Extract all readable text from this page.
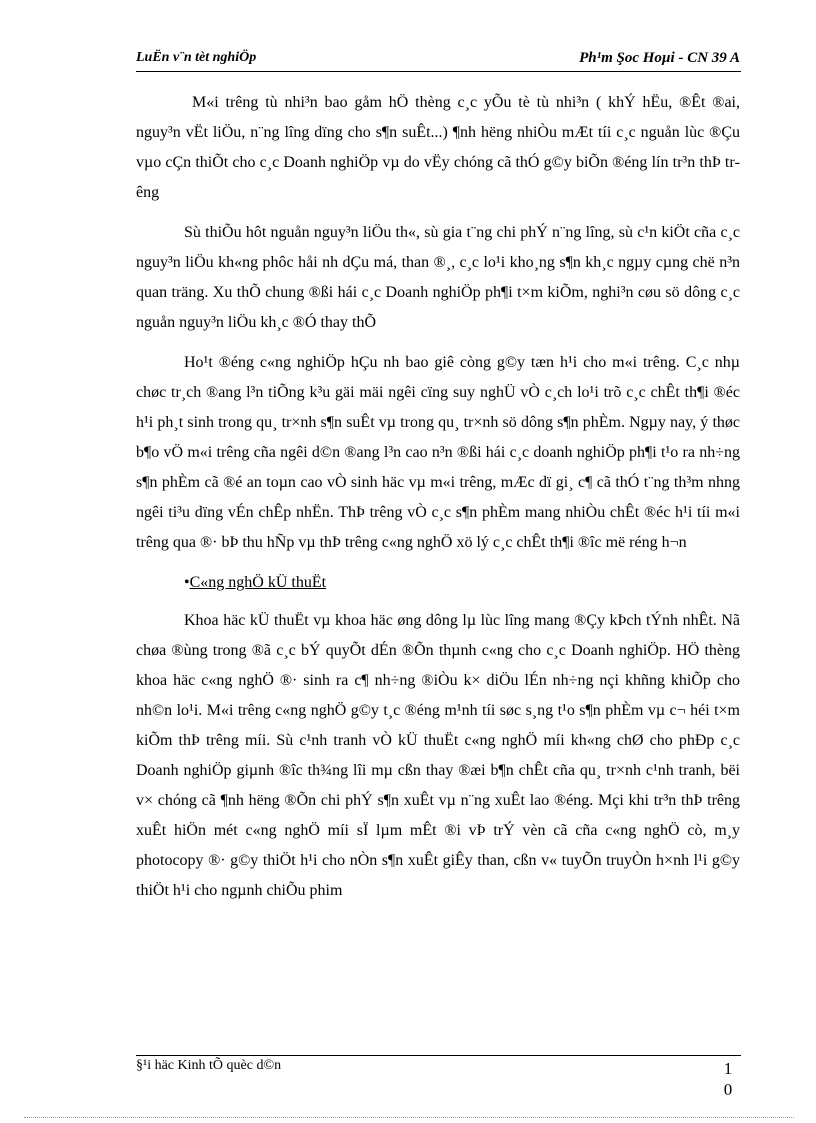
LuËn v¨n tèt nghiÖp	Ph¹m Şoc Hoµi - CN 39 A

M«i trêng tù nhi³n bao gåm hÖ thèng c¸c yÕu tè tù nhi³n ( khÝ hËu, ®Êt ®ai, nguy³n vËt liÖu, n¨ng lîng dïng cho s¶n suÊt...) ¶nh hëng nhiÒu mÆt tíi c¸c nguån lùc ®Çu vµo cÇn thiÕt cho c¸c Doanh nghiÖp vµ do vËy chóng cã thÓ g©y biÕn ®éng lín tr³n thÞ trêng

Sù thiÕu hôt nguån nguy³n liÖu th«, sù gia t¨ng chi phÝ n¨ng lîng, sù c¹n kiÖt cña c¸c nguy³n liÖu kh«ng phôc håi nh dÇu má, than ®¸, c¸c lo¹i kho¸ng s¶n kh¸c ngµy cµng chë n³n quan träng. Xu thÕ chung ®ßi hái c¸c Doanh nghiÖp ph¶i t×m kiÕm, nghi³n cøu sö dông c¸c nguån nguy³n liÖu kh¸c ®Ó thay thÕ

Ho¹t ®éng c«ng nghiÖp hÇu nh bao giê còng g©y tæn h¹i cho m«i trêng. C¸c nhµ chøc tr¸ch ®ang l³n tiÕng k³u gäi mäi ngêi cïng suy nghÜ vÒ c¸ch lo¹i trõ c¸c chÊt th¶i ®éc h¹i ph¸t sinh trong qu¸ tr×nh s¶n suÊt vµ trong qu¸ tr×nh sö dông s¶n phÈm. Ngµy nay, ý thøc b¶o vÖ m«i trêng cña ngêi d©n ®ang l³n cao n³n ®ßi hái c¸c doanh nghiÖp ph¶i t¹o ra nh÷ng s¶n phÈm cã ®é an toµn cao vÒ sinh häc vµ m«i trêng, mÆc dï gi¸ c¶ cã thÓ t¨ng th³m nhng ngêi ti³u dïng vÉn chÊp nhËn. ThÞ trêng vÒ c¸c s¶n phÈm mang nhiÒu chÊt ®éc h¹i tíi m«i trêng qua ®· bÞ thu hÑp vµ thÞ trêng c«ng nghÖ xö lý c¸c chÊt th¶i ®îc më réng h¬n

•C«ng nghÖ kÜ thuËt

Khoa häc kÜ thuËt vµ khoa häc øng dông lµ lùc lîng mang ®Çy kÞch tÝnh nhÊt. Nã chøa ®ùng trong ®ã c¸c bÝ quyÕt dÉn ®Õn thµnh c«ng cho c¸c Doanh nghiÖp. HÖ thèng khoa häc c«ng nghÖ ®· sinh ra c¶ nh÷ng ®iÒu k× diÖu lÉn nh÷ng nçi khñng khiÕp cho nh©n lo¹i. M«i trêng c«ng nghÖ g©y t¸c ®éng m¹nh tíi søc s¸ng t¹o s¶n phÈm vµ c¬ héi t×m kiÕm thÞ trêng míi. Sù c¹nh tranh vÒ kÜ thuËt c«ng nghÖ míi kh«ng chØ cho phÐp c¸c Doanh nghiÖp giµnh ®îc th¾ng lîi mµ cßn thay ®æi b¶n chÊt cña qu¸ tr×nh c¹nh tranh, bëi v× chóng cã ¶nh hëng ®Õn chi phÝ s¶n xuÊt vµ n¨ng xuÊt lao ®éng. Mçi khi tr³n thÞ trêng xuÊt hiÖn mét c«ng nghÖ míi sÏ lµm mÊt ®i vÞ trÝ vèn cã cña c«ng nghÖ cò, m¸y photocopy ®· g©y thiÖt h¹i cho nÒn s¶n xuÊt giÊy than, cßn v« tuyÕn truyÒn h×nh l¹i g©y thiÖt h¹i cho ngµnh chiÕu phim

§¹i häc Kinh tÕ quèc d©n	1
0
